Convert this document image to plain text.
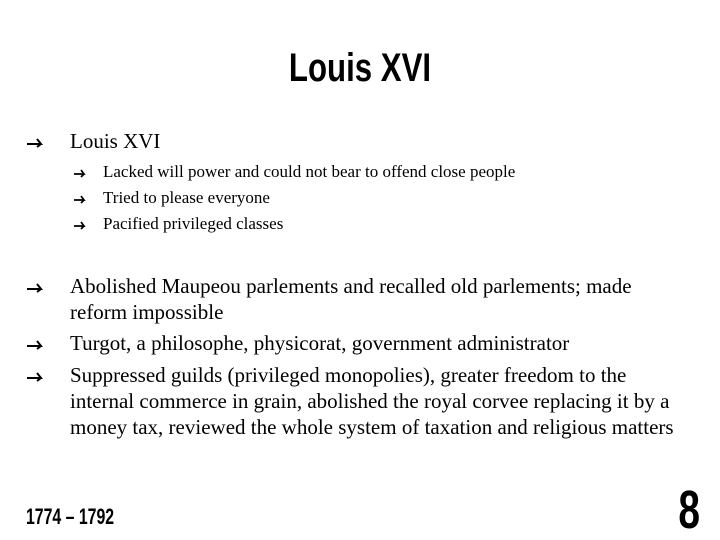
Louis XVI

Louis XVI

Lacked will power and could not bear to offend close people

Tried to please everyone

Pacified privileged classes

Abolished Maupeou parlements and recalled old parlements; made reform impossible

Turgot, a philosophe, physicorat, government administrator

Suppressed guilds (privileged monopolies), greater freedom to the internal commerce in grain, abolished the royal corvee replacing it by a money tax, reviewed the whole system of taxation and religious matters

1774 – 1792	8
